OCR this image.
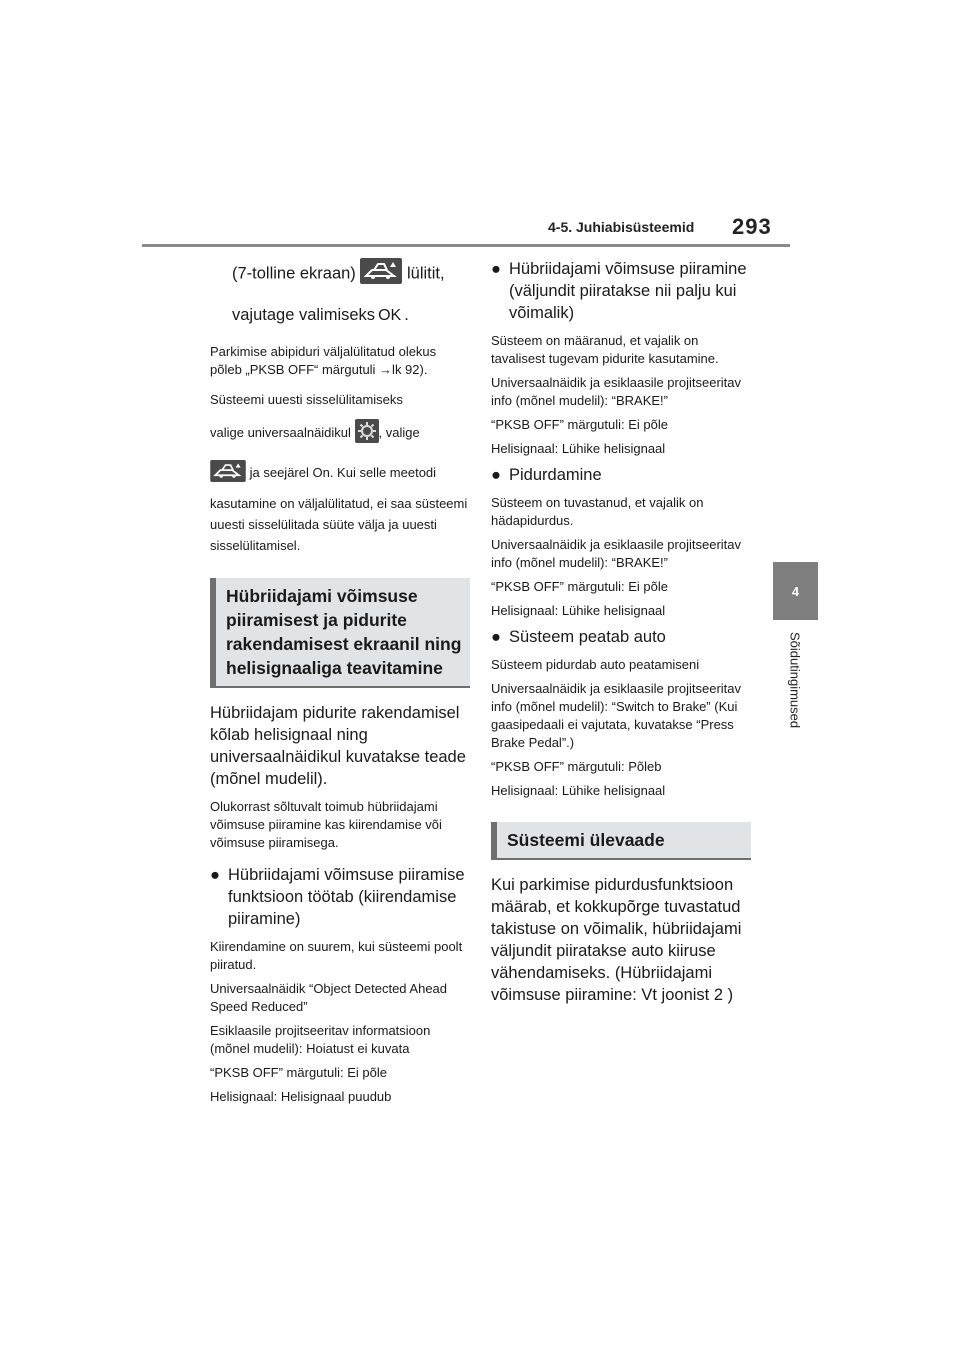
4-5. Juhiabisüsteemid 293
4
Sõidutingimused

(7-tolline ekraan)	lülitit,

vajutage valimiseks OK .

Parkimise abipiduri väljalülitatud olekus põleb „PKSB OFF“ märgutuli →lk 92).

Süsteemi uuesti sisselülitamiseks

valige universaalnäidikul , valige

ja seejärel On. Kui selle meetodi

kasutamine on väljalülitatud, ei saa süsteemi uuesti sisselülitada süüte välja ja uuesti sisselülitamisel.

Hübriidajami võimsuse piiramisest ja pidurite rakendamisest ekraanil ning helisignaaliga teavitamine

Hübriidajam pidurite rakendamisel kõlab helisignaal ning universaalnäidikul kuvatakse teade (mõnel mudelil).

Olukorrast sõltuvalt toimub hübriidajami võimsuse piiramine kas kiirendamise või võimsuse piiramisega.

● Hübriidajami võimsuse piiramise funktsioon töötab (kiirendamise piiramine)

Kiirendamine on suurem, kui süsteemi poolt piiratud.

Universaalnäidik “Object Detected Ahead Speed Reduced”

Esiklaasile projitseeritav informatsioon (mõnel mudelil): Hoiatust ei kuvata

“PKSB OFF” märgutuli: Ei põle

Helisignaal: Helisignaal puudub

● Hübriidajami võimsuse piiramine (väljundit piiratakse nii palju kui võimalik)

Süsteem on määranud, et vajalik on tavalisest tugevam pidurite kasutamine.

Universaalnäidik ja esiklaasile projitseeritav info (mõnel mudelil): “BRAKE!”

“PKSB OFF” märgutuli: Ei põle

Helisignaal: Lühike helisignaal

● Pidurdamine

Süsteem on tuvastanud, et vajalik on hädapidurdus.

Universaalnäidik ja esiklaasile projitseeritav info (mõnel mudelil): “BRAKE!”

“PKSB OFF” märgutuli: Ei põle

Helisignaal: Lühike helisignaal

● Süsteem peatab auto

Süsteem pidurdab auto peatamiseni

Universaalnäidik ja esiklaasile projitseeritav info (mõnel mudelil): “Switch to Brake” (Kui gaasipedaali ei vajutata, kuvatakse “Press Brake Pedal”.)

“PKSB OFF” märgutuli: Põleb

Helisignaal: Lühike helisignaal

Süsteemi ülevaade

Kui parkimise pidurdusfunktsioon määrab, et kokkupõrge tuvastatud takistuse on võimalik, hübriidajami väljundit piiratakse auto kiiruse vähendamiseks. (Hübriidajami võimsuse piiramine: Vt joonist 2 )
